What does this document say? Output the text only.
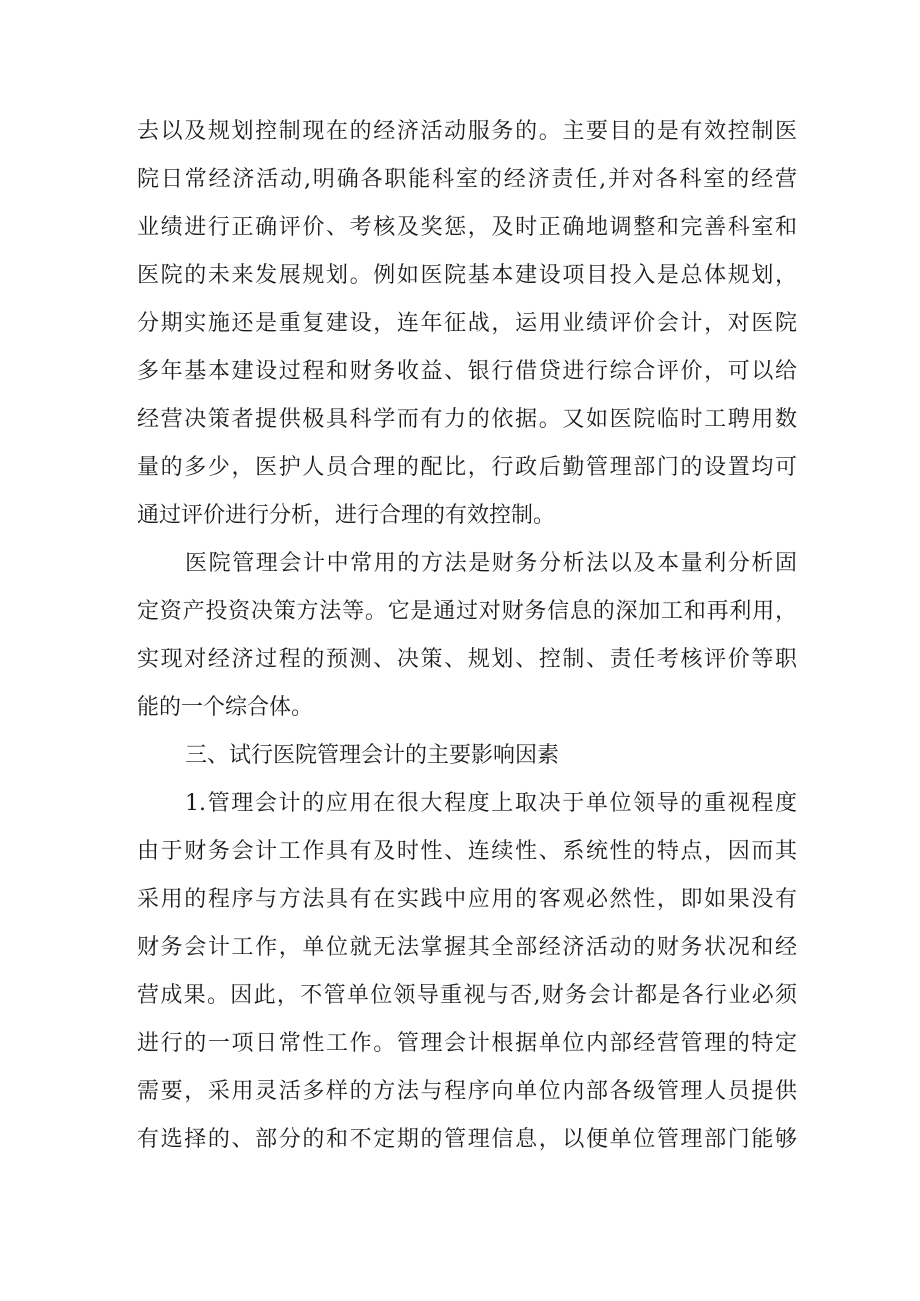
去以及规划控制现在的经济活动服务的。主要目的是有效控制医
院日常经济活动,明确各职能科室的经济责任,并对各科室的经营
业绩进行正确评价、考核及奖惩，及时正确地调整和完善科室和
医院的未来发展规划。例如医院基本建设项目投入是总体规划，
分期实施还是重复建设，连年征战，运用业绩评价会计，对医院
多年基本建设过程和财务收益、银行借贷进行综合评价，可以给
经营决策者提供极具科学而有力的依据。又如医院临时工聘用数
量的多少，医护人员合理的配比，行政后勤管理部门的设置均可
通过评价进行分析，进行合理的有效控制。
医院管理会计中常用的方法是财务分析法以及本量利分析固
定资产投资决策方法等。它是通过对财务信息的深加工和再利用，
实现对经济过程的预测、决策、规划、控制、责任考核评价等职
能的一个综合体。
三、试行医院管理会计的主要影响因素
1.管理会计的应用在很大程度上取决于单位领导的重视程度
由于财务会计工作具有及时性、连续性、系统性的特点，因而其
采用的程序与方法具有在实践中应用的客观必然性，即如果没有
财务会计工作，单位就无法掌握其全部经济活动的财务状况和经
营成果。因此，不管单位领导重视与否,财务会计都是各行业必须
进行的一项日常性工作。管理会计根据单位内部经营管理的特定
需要，采用灵活多样的方法与程序向单位内部各级管理人员提供
有选择的、部分的和不定期的管理信息，以便单位管理部门能够
